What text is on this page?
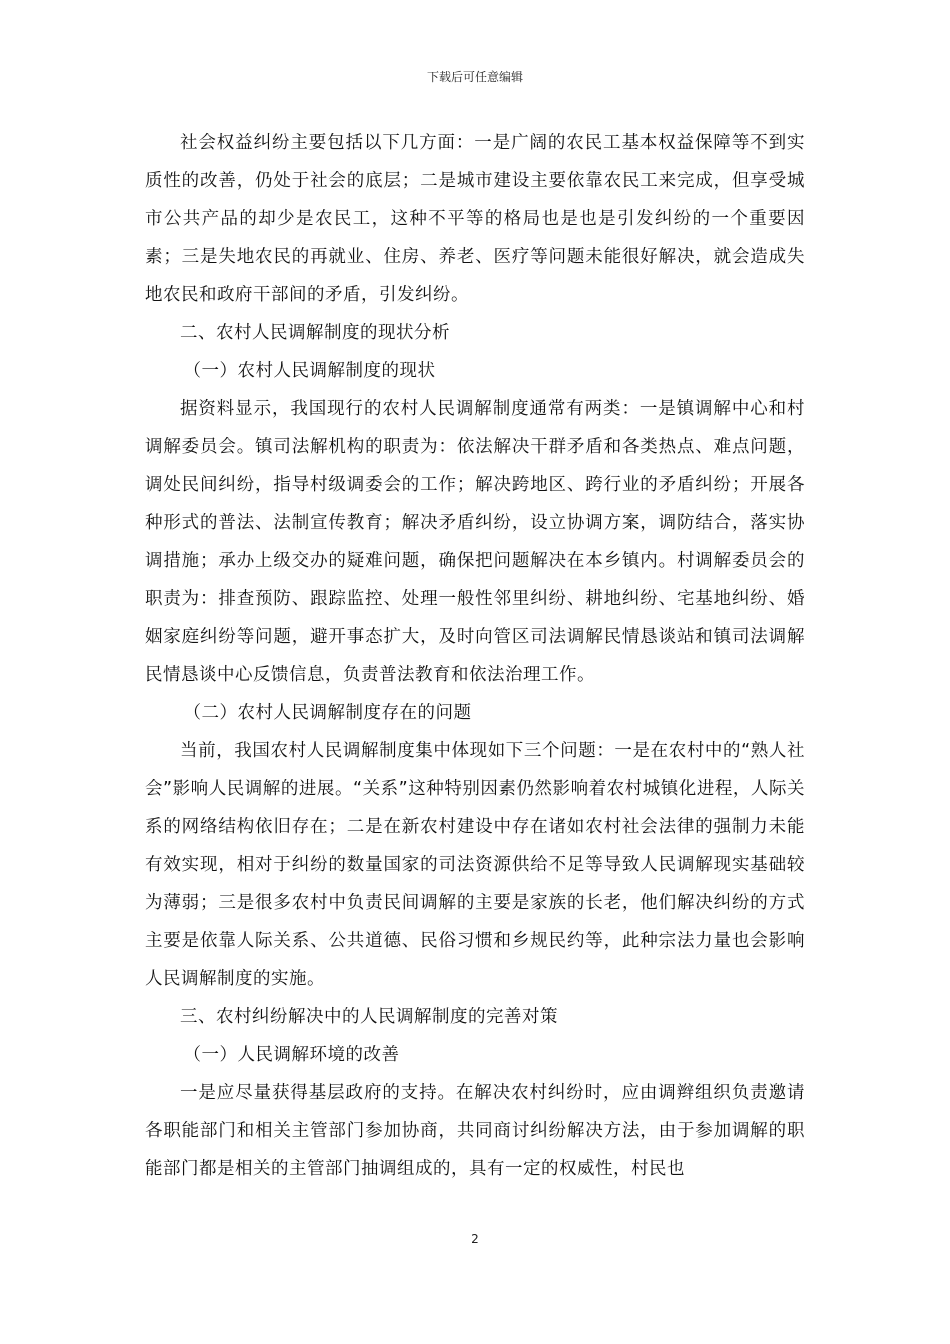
下载后可任意编辑

社会权益纠纷主要包括以下几方面：一是广阔的农民工基本权益保障等不到实质性的改善，仍处于社会的底层；二是城市建设主要依靠农民工来完成，但享受城市公共产品的却少是农民工，这种不平等的格局也是也是引发纠纷的一个重要因素；三是失地农民的再就业、住房、养老、医疗等问题未能很好解决，就会造成失地农民和政府干部间的矛盾，引发纠纷。

二、农村人民调解制度的现状分析

（一）农村人民调解制度的现状

据资料显示，我国现行的农村人民调解制度通常有两类：一是镇调解中心和村调解委员会。镇司法解机构的职责为：依法解决干群矛盾和各类热点、难点问题，调处民间纠纷，指导村级调委会的工作；解决跨地区、跨行业的矛盾纠纷；开展各种形式的普法、法制宣传教育；解决矛盾纠纷，设立协调方案，调防结合，落实协调措施；承办上级交办的疑难问题，确保把问题解决在本乡镇内。村调解委员会的职责为：排查预防、跟踪监控、处理一般性邻里纠纷、耕地纠纷、宅基地纠纷、婚姻家庭纠纷等问题，避开事态扩大，及时向管区司法调解民情恳谈站和镇司法调解民情恳谈中心反馈信息，负责普法教育和依法治理工作。

（二）农村人民调解制度存在的问题

当前，我国农村人民调解制度集中体现如下三个问题：一是在农村中的“熟人社会”影响人民调解的进展。“关系”这种特别因素仍然影响着农村城镇化进程，人际关系的网络结构依旧存在；二是在新农村建设中存在诸如农村社会法律的强制力未能有效实现，相对于纠纷的数量国家的司法资源供给不足等导致人民调解现实基础较为薄弱；三是很多农村中负责民间调解的主要是家族的长老，他们解决纠纷的方式主要是依靠人际关系、公共道德、民俗习惯和乡规民约等，此种宗法力量也会影响人民调解制度的实施。

三、农村纠纷解决中的人民调解制度的完善对策

（一）人民调解环境的改善

一是应尽量获得基层政府的支持。在解决农村纠纷时，应由调辫组织负责邀请各职能部门和相关主管部门参加协商，共同商讨纠纷解决方法，由于参加调解的职能部门都是相关的主管部门抽调组成的，具有一定的权威性，村民也

2
